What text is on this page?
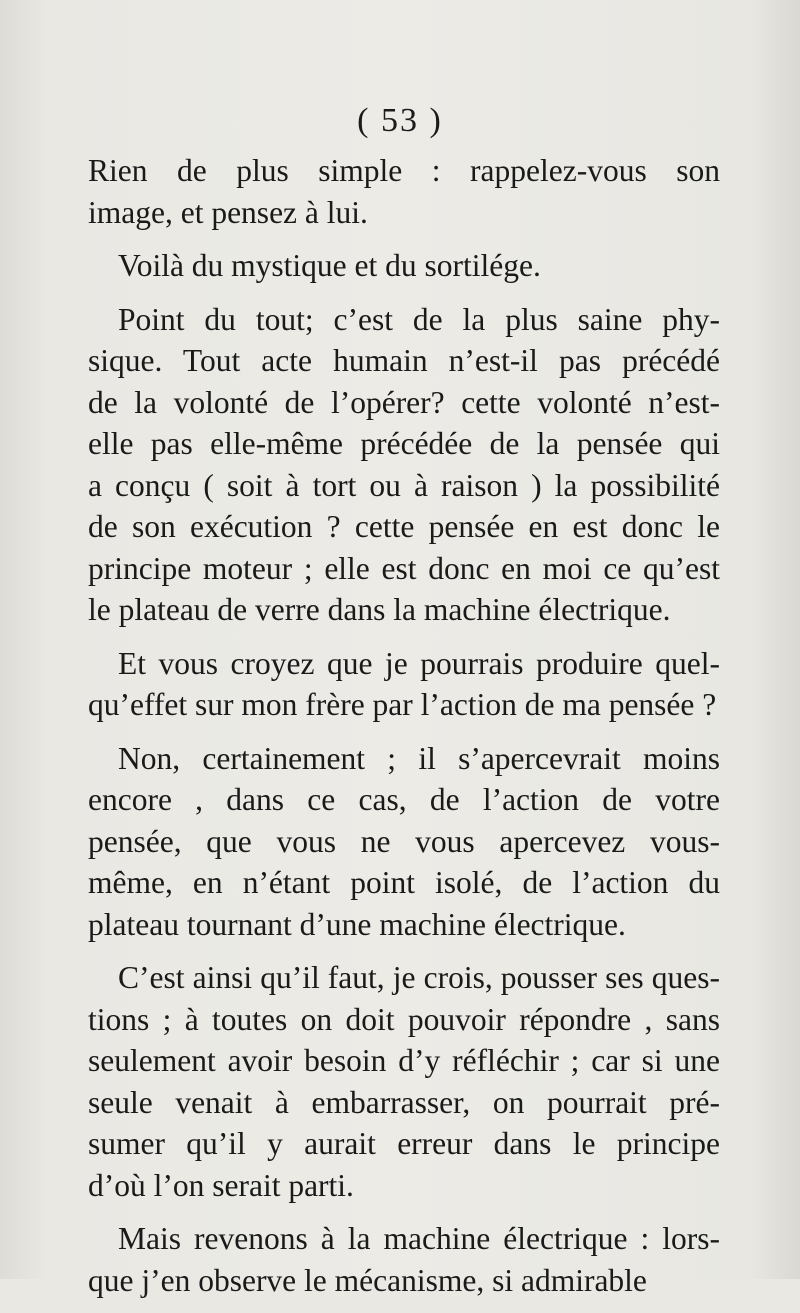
( 53 )
Rien de plus simple : rappelez-vous son
image, et pensez à lui.
Voilà du mystique et du sortilége.
Point du tout; c’est de la plus saine phy-
sique. Tout acte humain n’est-il pas précédé
de la volonté de l’opérer? cette volonté n’est-
elle pas elle-même précédée de la pensée qui
a conçu ( soit à tort ou à raison ) la possibilité
de son exécution ? cette pensée en est donc le
principe moteur ; elle est donc en moi ce qu’est
le plateau de verre dans la machine électrique.
Et vous croyez que je pourrais produire quel-
qu’effet sur mon frère par l’action de ma pensée ?
Non, certainement ; il s’apercevrait moins
encore , dans ce cas, de l’action de votre
pensée, que vous ne vous apercevez vous-
même, en n’étant point isolé, de l’action du
plateau tournant d’une machine électrique.
C’est ainsi qu’il faut, je crois, pousser ses ques-
tions ; à toutes on doit pouvoir répondre , sans
seulement avoir besoin d’y réfléchir ; car si une
seule venait à embarrasser, on pourrait pré-
sumer qu’il y aurait erreur dans le principe
d’où l’on serait parti.
Mais revenons à la machine électrique : lors-
que j’en observe le mécanisme, si admirable
